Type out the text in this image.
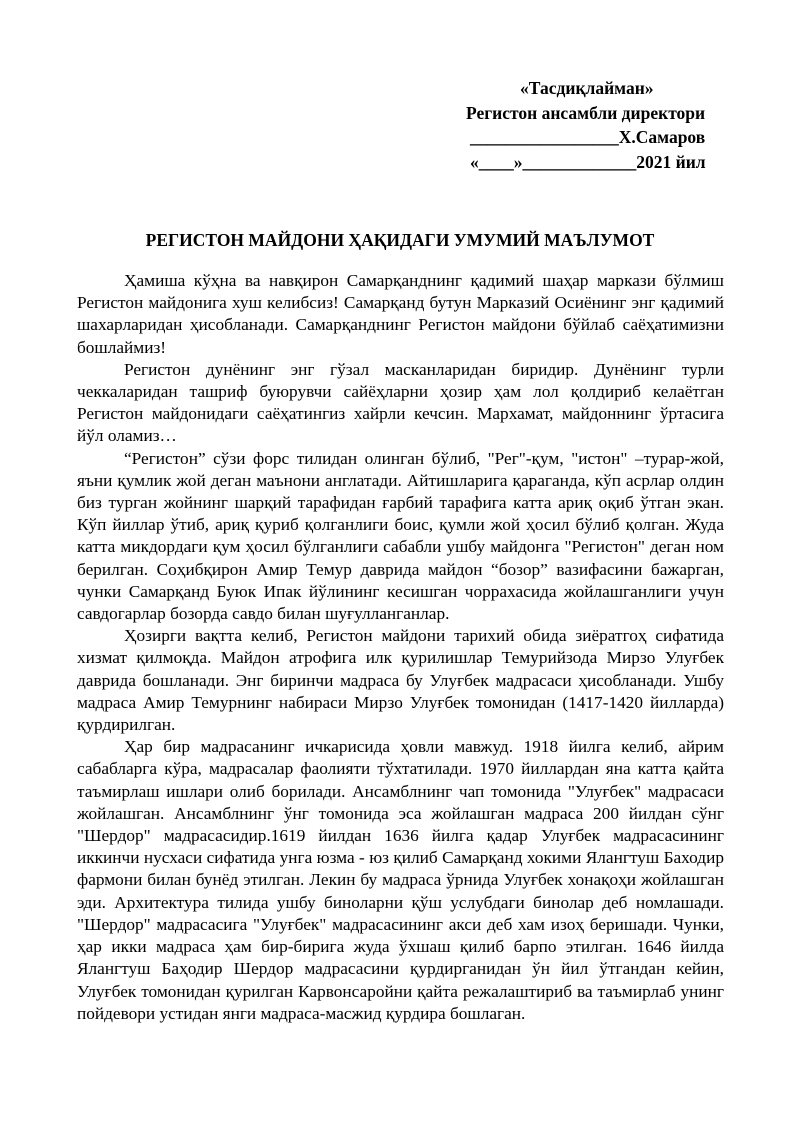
«Тасдиқлайман»
Регистон ансамбли директори
_________________Х.Самаров
«____»_____________2021 йил
РЕГИСТОН МАЙДОНИ ҲАҚИДАГИ УМУМИЙ МАЪЛУМОТ

Ҳамиша кўҳна ва навқирон Самарқанднинг қадимий шаҳар маркази бўлмиш Регистон майдонига хуш келибсиз! Самарқанд бутун Марказий Осиёнинг энг қадимий шахарларидан ҳисобланади. Самарқанднинг Регистон майдони бўйлаб саёҳатимизни бошлаймиз!

Регистон дунёнинг энг гўзал масканларидан биридир. Дунёнинг турли чеккаларидан ташриф буюрувчи сайёҳларни ҳозир ҳам лол қолдириб келаётган Регистон майдонидаги саёҳатингиз хайрли кечсин. Мархамат, майдоннинг ўртасига йўл оламиз…

“Регистон” сўзи форс тилидан олинган бўлиб, "Рег"-қум, "истон" –турар-жой, яъни қумлик жой деган маънони англатади. Айтишларига қараганда, кўп асрлар олдин биз турган жойнинг шарқий тарафидан ғарбий тарафига катта ариқ оқиб ўтган экан. Кўп йиллар ўтиб, ариқ қуриб қолганлиги боис, қумли жой ҳосил бўлиб қолган. Жуда катта микдордаги қум ҳосил бўлганлиги сабабли ушбу майдонга "Регистон" деган ном берилган. Соҳибқирон Амир Темур даврида майдон “бозор” вазифасини бажарган, чунки Самарқанд Буюк Ипак йўлининг кесишган чоррахасида жойлашганлиги учун савдогарлар бозорда савдо билан шуғулланганлар.

Ҳозирги вақтта келиб, Регистон майдони тарихий обида зиёратгоҳ сифатида хизмат қилмоқда. Майдон атрофига илк қурилишлар Темурийзода Мирзо Улуғбек даврида бошланади. Энг биринчи мадраса бу Улуғбек мадрасаси ҳисобланади. Ушбу мадраса Амир Темурнинг набираси Мирзо Улуғбек томонидан (1417-1420 йилларда) қурдирилган.

Ҳар бир мадрасанинг ичкарисида ҳовли мавжуд. 1918 йилга келиб, айрим сабабларга кўра, мадрасалар фаолияти тўхтатилади. 1970 йиллардан яна катта қайта таъмирлаш ишлари олиб борилади. Ансамблнинг чап томонида "Улуғбек" мадрасаси жойлашган. Ансамблнинг ўнг томонида эса жойлашган мадраса 200 йилдан сўнг "Шердор" мадрасасидир.1619 йилдан 1636 йилга қадар Улуғбек мадрасасининг иккинчи нусхаси сифатида унга юзма - юз қилиб Самарқанд хокими Ялангтуш Баходир фармони билан бунёд этилган. Лекин бу мадраса ўрнида Улуғбек хонақоҳи жойлашган эди. Архитектура тилида ушбу биноларни қўш услубдаги бинолар деб номлашади. "Шердор" мадрасасига "Улуғбек" мадрасасининг акси деб хам изоҳ беришади. Чунки, ҳар икки мадраса ҳам бир-бирига жуда ўхшаш қилиб барпо этилган. 1646 йилда Ялангтуш Баҳодир Шердор мадрасасини қурдирганидан ўн йил ўтгандан кейин, Улуғбек томонидан қурилган Карвонсаройни қайта режалаштириб ва таъмирлаб унинг пойдевори устидан янги мадраса-масжид қурдира бошлаган.
